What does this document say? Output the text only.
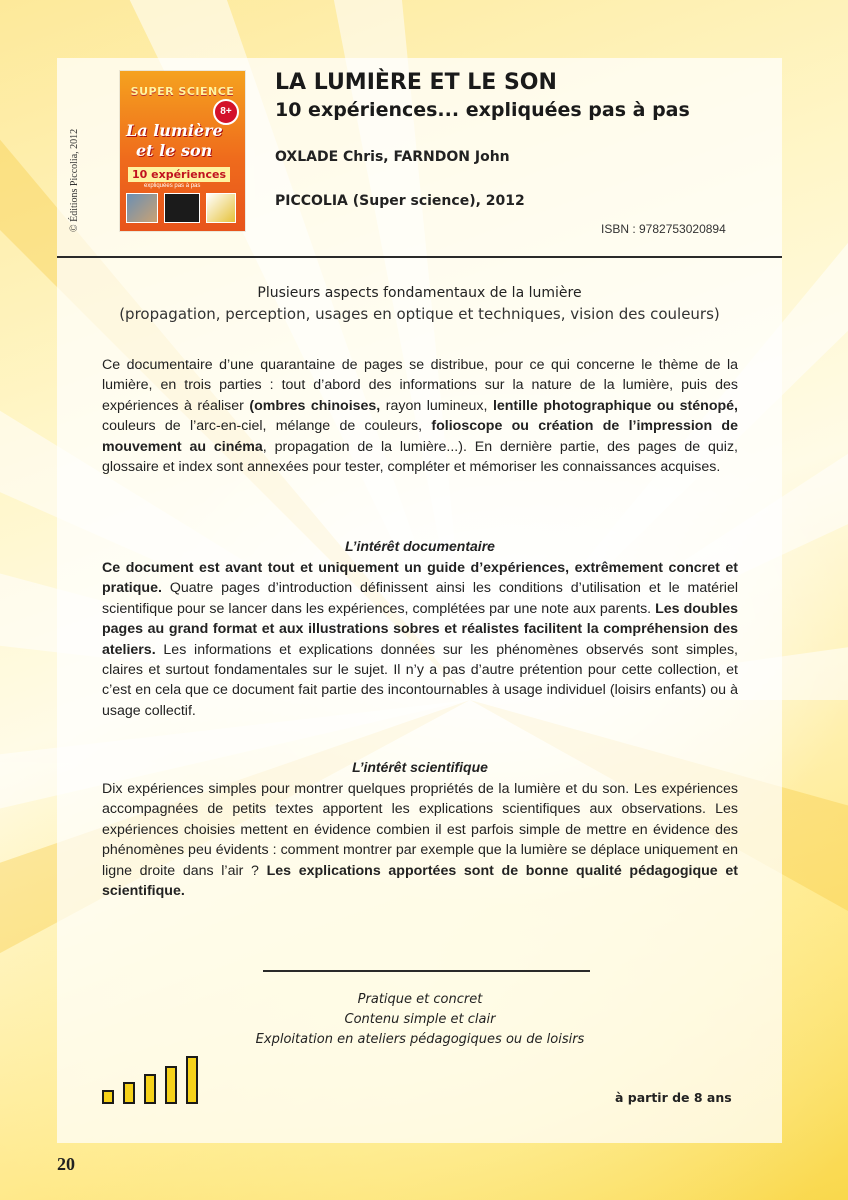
© Éditions Piccolia, 2012
SUPER SCIENCE
8+
La lumière
et le son
10 expériences
expliquées pas à pas
LA LUMIÈRE ET LE SON
10 expériences... expliquées pas à pas
OXLADE Chris, FARNDON John
PICCOLIA (Super science), 2012
ISBN : 9782753020894
Plusieurs aspects fondamentaux de la lumière
(propagation, perception, usages en optique et techniques, vision des couleurs)

Ce documentaire d’une quarantaine de pages se distribue, pour ce qui concerne le thème de la lumière, en trois parties : tout d’abord des informations sur la nature de la lumière, puis des expériences à réaliser (ombres chinoises, rayon lumineux, lentille photographique ou sténopé, couleurs de l’arc-en-ciel, mélange de couleurs, folioscope ou création de l’impression de mouvement au cinéma, propagation de la lumière...). En dernière partie, des pages de quiz, glossaire et index sont annexées pour tester, compléter et mémoriser les connaissances acquises.

L’intérêt documentaire

Ce document est avant tout et uniquement un guide d’expériences, extrêmement concret et pratique. Quatre pages d’introduction définissent ainsi les conditions d’utilisation et le matériel scientifique pour se lancer dans les expériences, complétées par une note aux parents. Les doubles pages au grand format et aux illustrations sobres et réalistes facilitent la compréhension des ateliers. Les informations et explications données sur les phénomènes observés sont simples, claires et surtout fondamentales sur le sujet. Il n’y a pas d’autre prétention pour cette collection, et c’est en cela que ce document fait partie des incontournables à usage individuel (loisirs enfants) ou à usage collectif.

L’intérêt scientifique

Dix expériences simples pour montrer quelques propriétés de la lumière et du son. Les expériences accompagnées de petits textes apportent les explications scientifiques aux observations. Les expériences choisies mettent en évidence combien il est parfois simple de mettre en évidence des phénomènes peu évidents : comment montrer par exemple que la lumière se déplace uniquement en ligne droite dans l’air ? Les explications apportées sont de bonne qualité pédagogique et scientifique.

Pratique et concret
Contenu simple et clair
Exploitation en ateliers pédagogiques ou de loisirs
à partir de 8 ans
20
